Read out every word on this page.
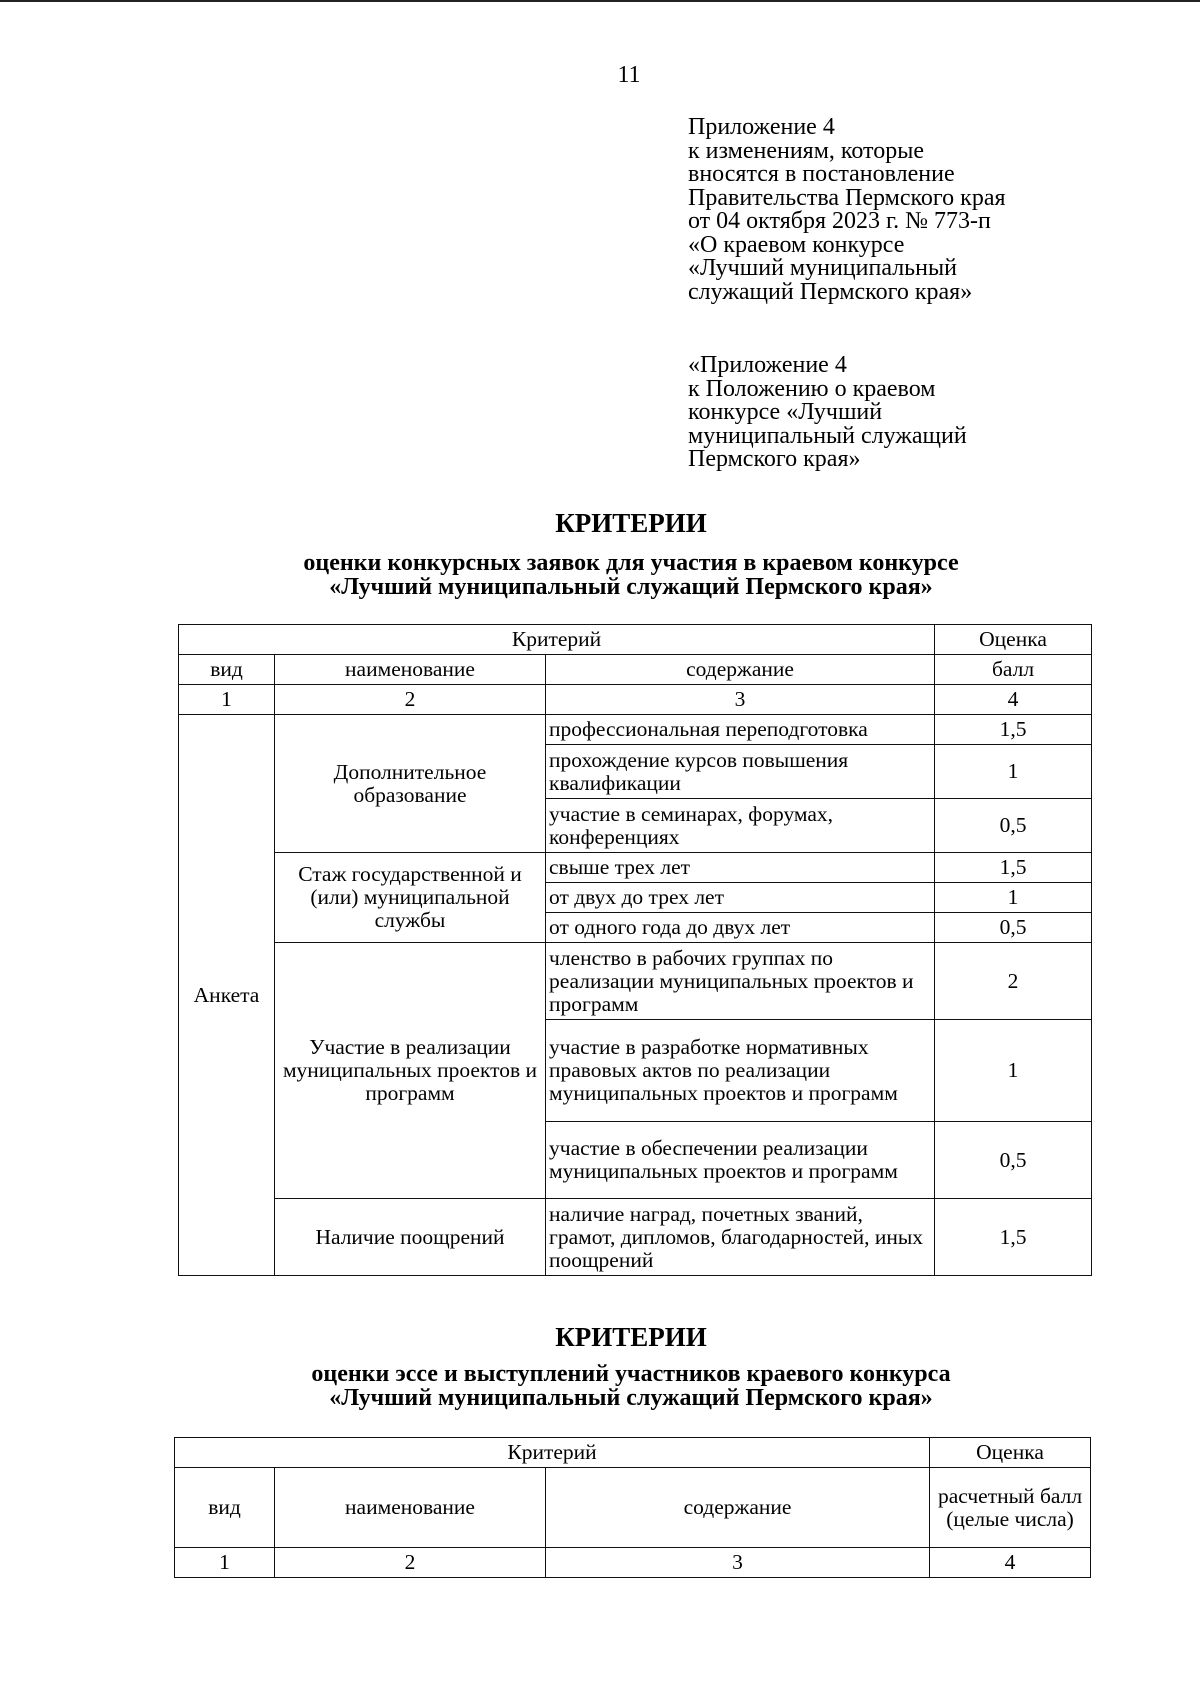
11
Приложение 4
к изменениям, которые
вносятся в постановление
Правительства Пермского края
от 04 октября 2023 г. № 773-п
«О краевом конкурсе
«Лучший муниципальный
служащий Пермского края»
«Приложение 4
к Положению о краевом
конкурсе «Лучший
муниципальный служащий
Пермского края»
КРИТЕРИИ
оценки конкурсных заявок для участия в краевом конкурсе
«Лучший муниципальный служащий Пермского края»
Критерий			Оценка
вид	наименование	содержание	балл
1	2	3	4
Анкета	Дополнительное образование	профессиональная переподготовка	1,5
		прохождение курсов повышения квалификации	1
		участие в семинарах, форумах, конференциях	0,5
	Стаж государственной и (или) муниципальной службы	свыше трех лет	1,5
		от двух до трех лет	1
		от одного года до двух лет	0,5
	Участие в реализации муниципальных проектов и программ	членство в рабочих группах по реализации муниципальных проектов и программ	2
		участие в разработке нормативных правовых актов по реализации муниципальных проектов и программ	1
		участие в обеспечении реализации муниципальных проектов и программ	0,5
	Наличие поощрений	наличие наград, почетных званий, грамот, дипломов, благодарностей, иных поощрений	1,5
КРИТЕРИИ
оценки эссе и выступлений участников краевого конкурса
«Лучший муниципальный служащий Пермского края»
Критерий			Оценка
вид	наименование	содержание	расчетный балл (целые числа)
1	2	3	4
